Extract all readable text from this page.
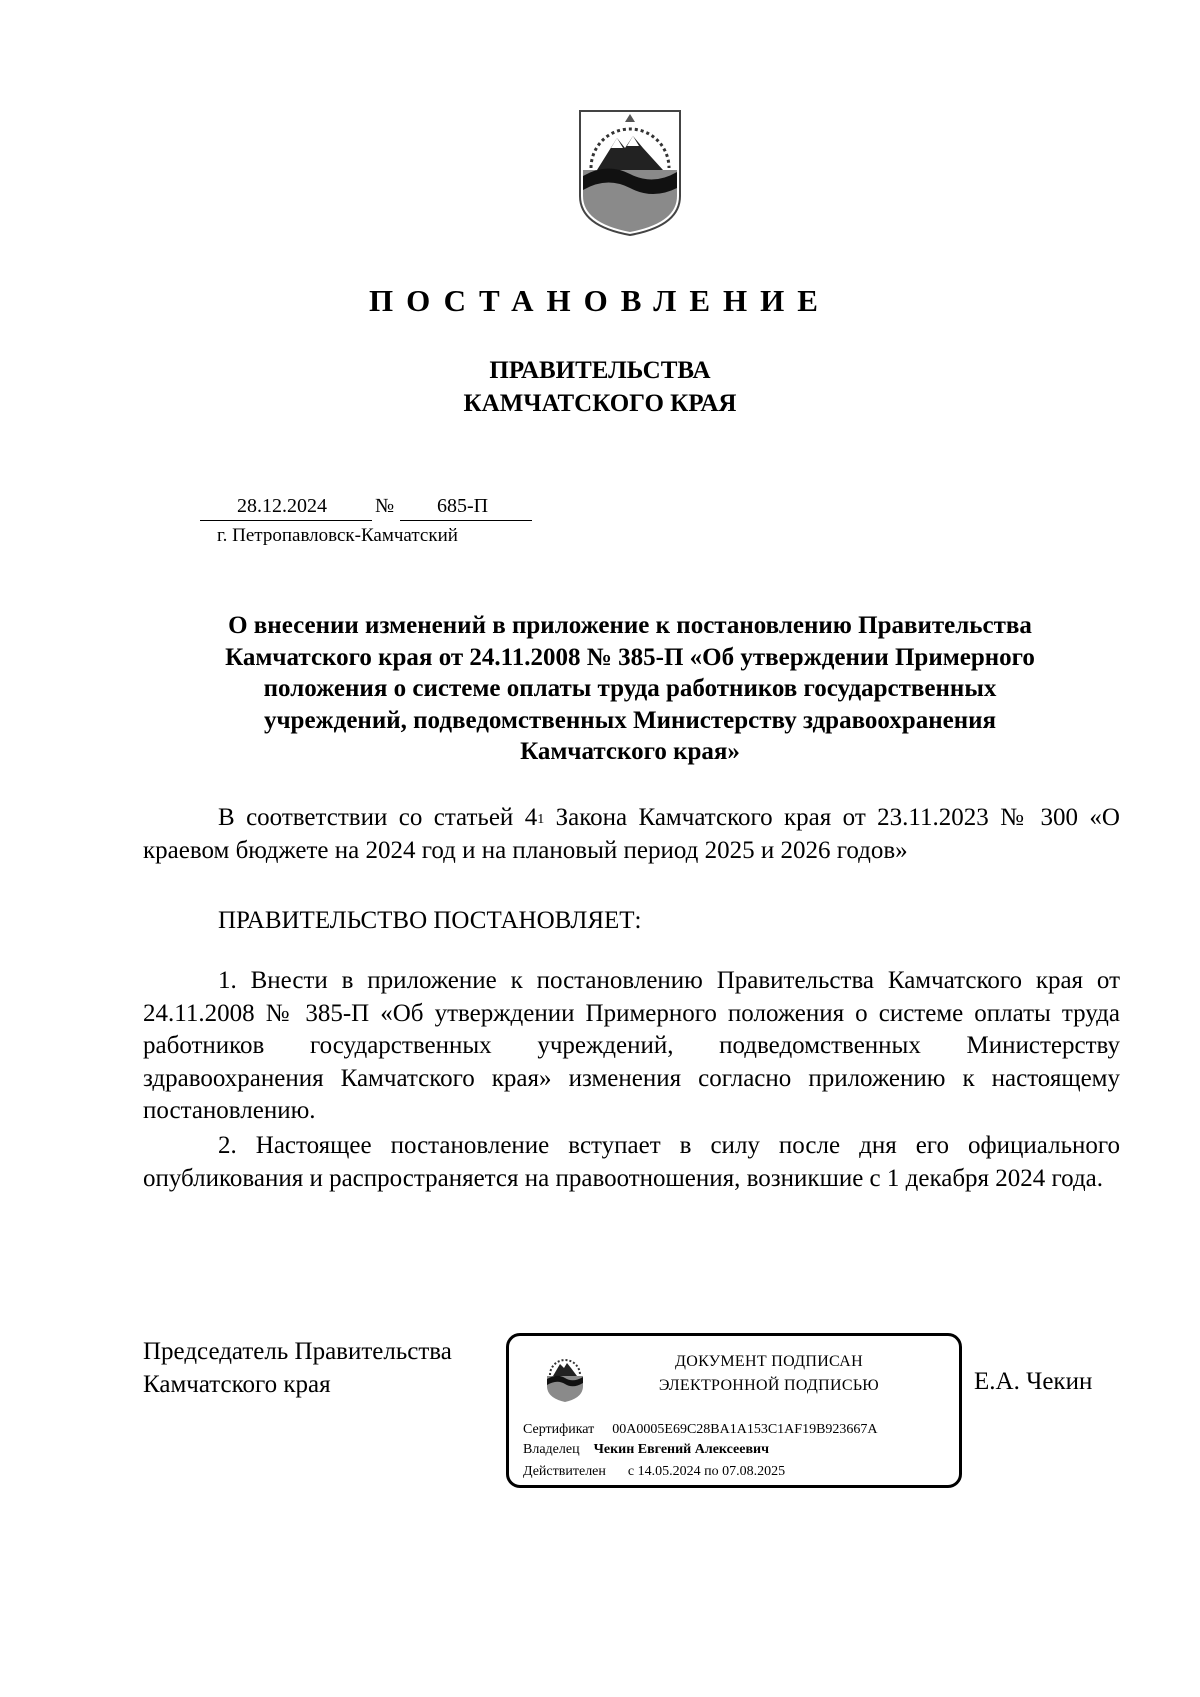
ПОСТАНОВЛЕНИЕ
ПРАВИТЕЛЬСТВА
КАМЧАТСКОГО КРАЯ
28.12.2024 № 685-П
г. Петропавловск-Камчатский
О внесении изменений в приложение к постановлению Правительства
Камчатского края от 24.11.2008 № 385-П «Об утверждении Примерного
положения о системе оплаты труда работников государственных
учреждений, подведомственных Министерству здравоохранения
Камчатского края»
В соответствии со статьей $4^1$ Закона Камчатского края от 23.11.2023 № 300 «О краевом бюджете на 2024 год и на плановый период 2025 и 2026 годов»
ПРАВИТЕЛЬСТВО ПОСТАНОВЛЯЕТ:
1. Внести в приложение к постановлению Правительства Камчатского края от 24.11.2008 № 385-П «Об утверждении Примерного положения о системе оплаты труда работников государственных учреждений, подведомственных Министерству здравоохранения Камчатского края» изменения согласно приложению к настоящему постановлению.
2. Настоящее постановление вступает в силу после дня его официального опубликования и распространяется на правоотношения, возникшие с 1 декабря 2024 года.
Председатель Правительства
Камчатского края
ДОКУМЕНТ ПОДПИСАН
ЭЛЕКТРОННОЙ ПОДПИСЬЮ
Сертификат 00A0005E69C28BA1A153C1AF19B923667A
Владелец Чекин Евгений Алексеевич
Действителен с 14.05.2024 по 07.08.2025
Е.А. Чекин
